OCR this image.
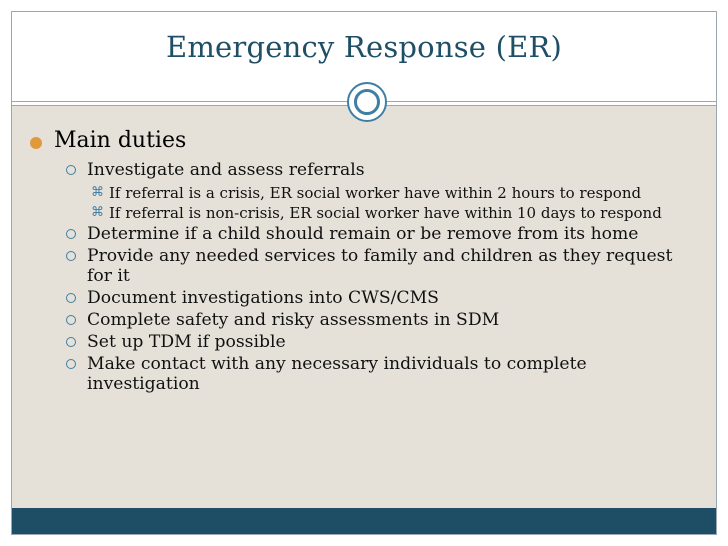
Emergency Response (ER)
Main duties
Investigate and assess referrals
⌘ If referral is a crisis, ER social worker have within 2 hours to respond
⌘ If referral is non-crisis, ER social worker have within 10 days to respond
Determine if a child should remain or be remove from its home
Provide any needed services to family and children as they request for it
Document investigations into CWS/CMS
Complete safety and risky assessments in SDM
Set up TDM if possible
Make contact with any necessary individuals to complete investigation
